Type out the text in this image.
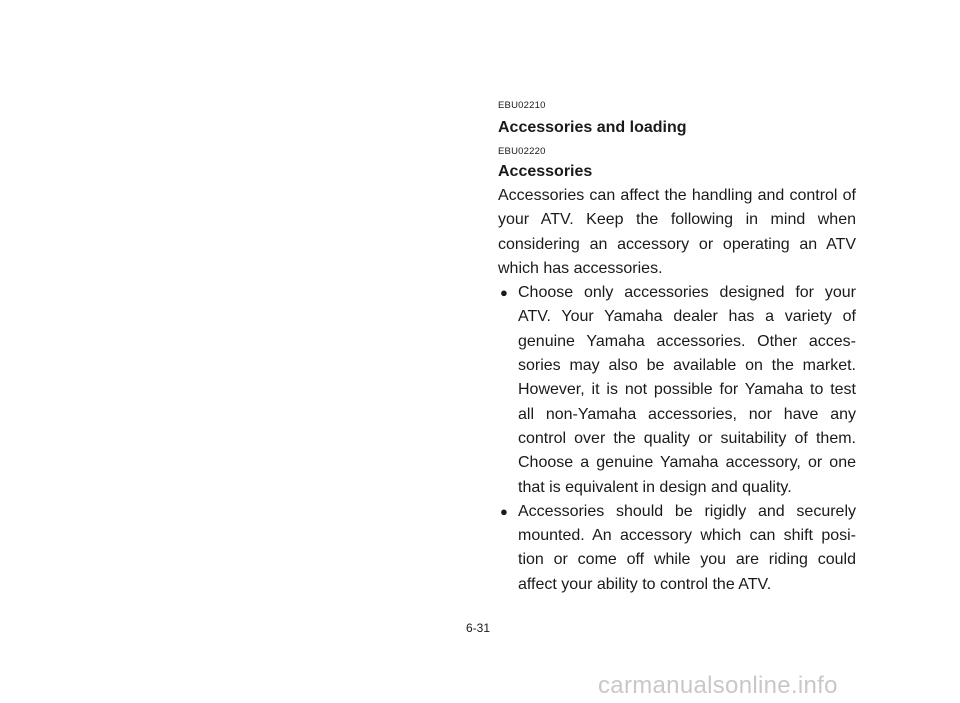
EBU02210

Accessories and loading

EBU02220

Accessories

Accessories can affect the handling and control of your ATV. Keep the following in mind when considering an accessory or operating an ATV which has accessories.

● Choose only accessories designed for your ATV. Your Yamaha dealer has a variety of genuine Yamaha accessories. Other acces-sories may also be available on the market. However, it is not possible for Yamaha to test all non-Yamaha accessories, nor have any control over the quality or suitability of them. Choose a genuine Yamaha accessory, or one that is equivalent in design and quality.
● Accessories should be rigidly and securely mounted. An accessory which can shift posi-tion or come off while you are riding could affect your ability to control the ATV.
6-31
carmanualsonline.info
